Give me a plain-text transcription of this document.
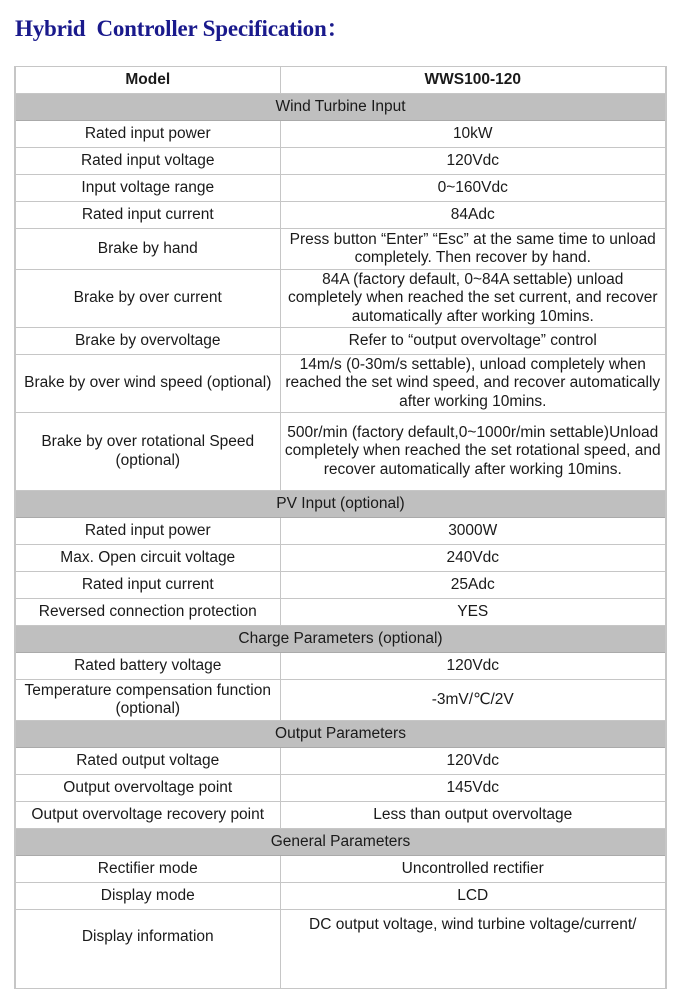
Hybrid  Controller Specification：
Model	WWS100-120
Wind Turbine Input	
Rated input power	10kW
Rated input voltage	120Vdc
Input voltage range	0~160Vdc
Rated input current	84Adc
Brake by hand	Press button “Enter” “Esc” at the same time to unload completely. Then recover by hand.
Brake by over current	84A (factory default, 0~84A settable) unload completely when reached the set current, and recover automatically after working 10mins.
Brake by overvoltage	Refer to “output overvoltage” control
Brake by over wind speed (optional)	14m/s (0-30m/s settable), unload completely when reached the set wind speed, and recover automatically after working 10mins.
Brake by over rotational Speed (optional)	500r/min (factory default,0~1000r/min settable)Unload completely when reached the set rotational speed, and recover automatically after working 10mins.
PV Input (optional)	
Rated input power	3000W
Max. Open circuit voltage	240Vdc
Rated input current	25Adc
Reversed connection protection	YES
Charge Parameters (optional)	
Rated battery voltage	120Vdc
Temperature compensation function (optional)	-3mV/℃/2V
Output Parameters	
Rated output voltage	120Vdc
Output overvoltage point	145Vdc
Output overvoltage recovery point	Less than output overvoltage
General Parameters	
Rectifier mode	Uncontrolled rectifier
Display mode	LCD
Display information	DC output voltage, wind turbine voltage/current/
